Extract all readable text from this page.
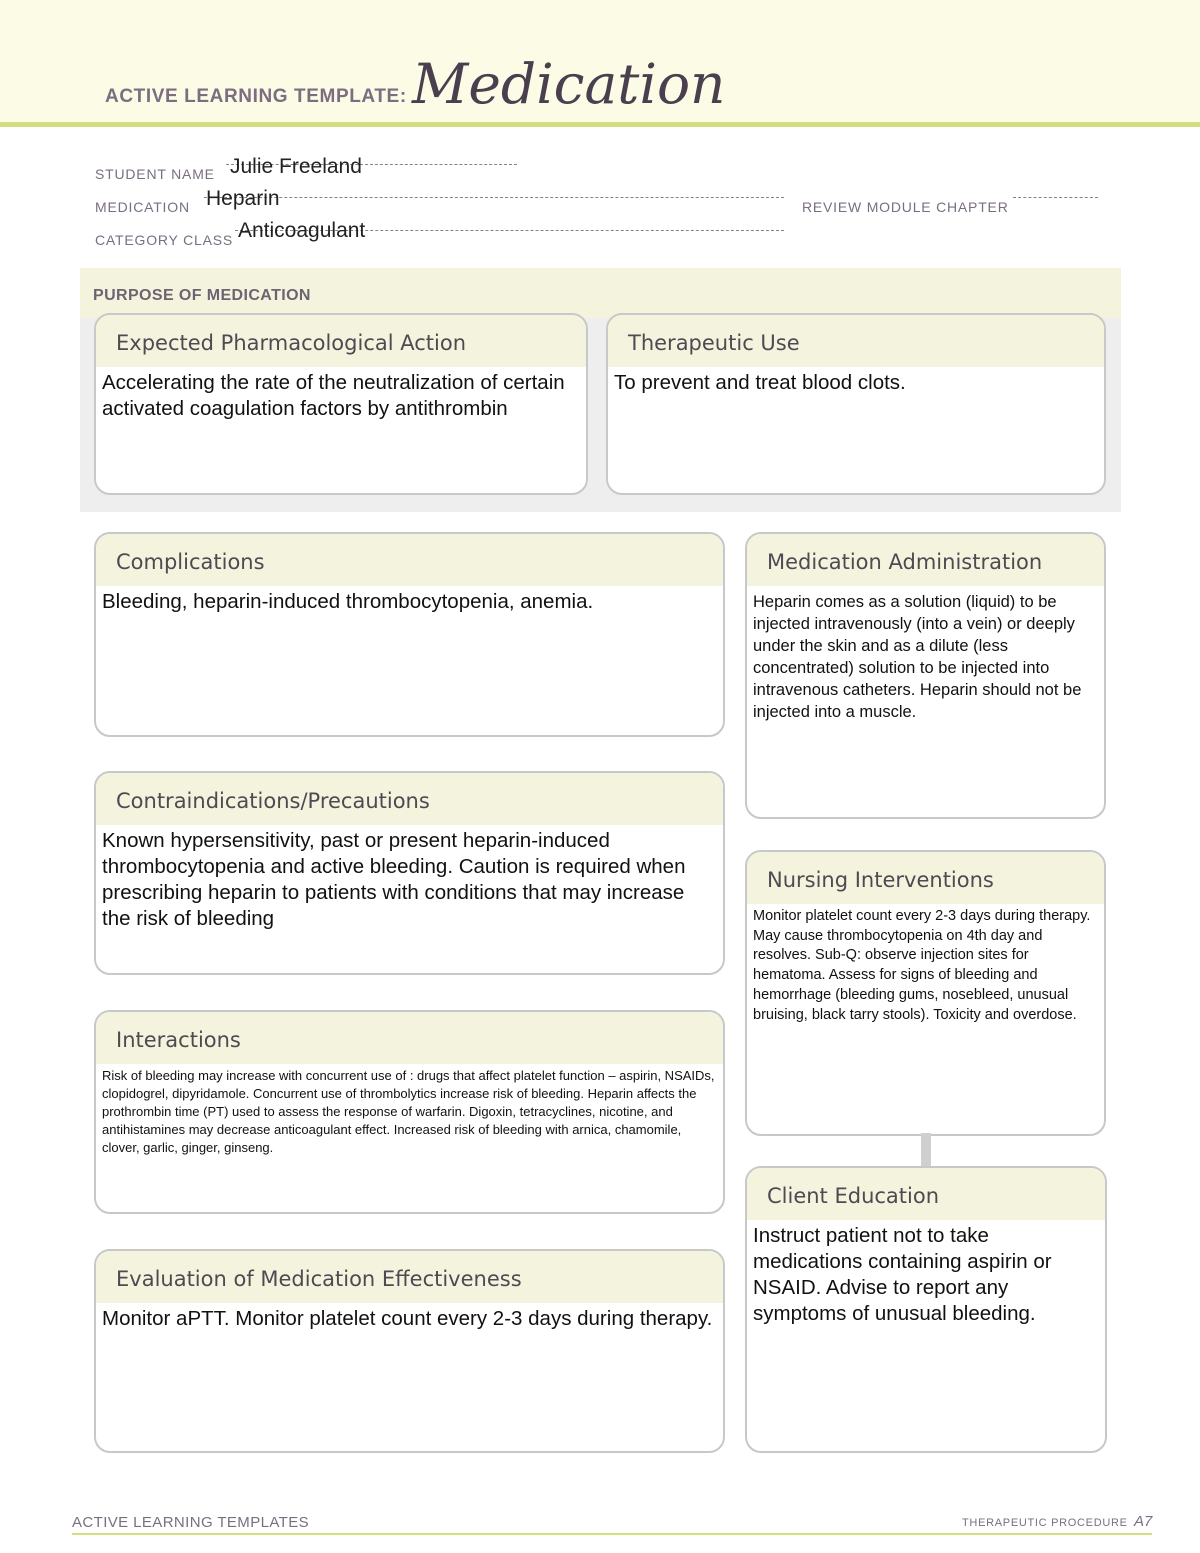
ACTIVE LEARNING TEMPLATE: Medication
STUDENT NAME Julie Freeland
MEDICATION Heparin	REVIEW MODULE CHAPTER
CATEGORY CLASS Anticoagulant
PURPOSE OF MEDICATION
Expected Pharmacological Action
Accelerating the rate of the neutralization of certain activated coagulation factors by antithrombin
Therapeutic Use
To prevent and treat blood clots.
Complications
Bleeding, heparin-induced thrombocytopenia, anemia.
Contraindications/Precautions
Known hypersensitivity, past or present heparin-induced thrombocytopenia and active bleeding. Caution is required when prescribing heparin to patients with conditions that may increase the risk of bleeding
Interactions
Risk of bleeding may increase with concurrent use of : drugs that affect platelet function – aspirin, NSAIDs, clopidogrel, dipyridamole. Concurrent use of thrombolytics increase risk of bleeding. Heparin affects the prothrombin time (PT) used to assess the response of warfarin. Digoxin, tetracyclines, nicotine, and antihistamines may decrease anticoagulant effect. Increased risk of bleeding with arnica, chamomile, clover, garlic, ginger, ginseng.
Evaluation of Medication Effectiveness
Monitor aPTT. Monitor platelet count every 2-3 days during therapy.
Medication Administration
Heparin comes as a solution (liquid) to be injected intravenously (into a vein) or deeply under the skin and as a dilute (less concentrated) solution to be injected into intravenous catheters. Heparin should not be injected into a muscle.
Nursing Interventions
Monitor platelet count every 2-3 days during therapy. May cause thrombocytopenia on 4th day and resolves. Sub-Q: observe injection sites for hematoma. Assess for signs of bleeding and hemorrhage (bleeding gums, nosebleed, unusual bruising, black tarry stools). Toxicity and overdose.
Client Education
Instruct patient not to take medications containing aspirin or NSAID. Advise to report any symptoms of unusual bleeding.
ACTIVE LEARNING TEMPLATES	THERAPEUTIC PROCEDURE A7
